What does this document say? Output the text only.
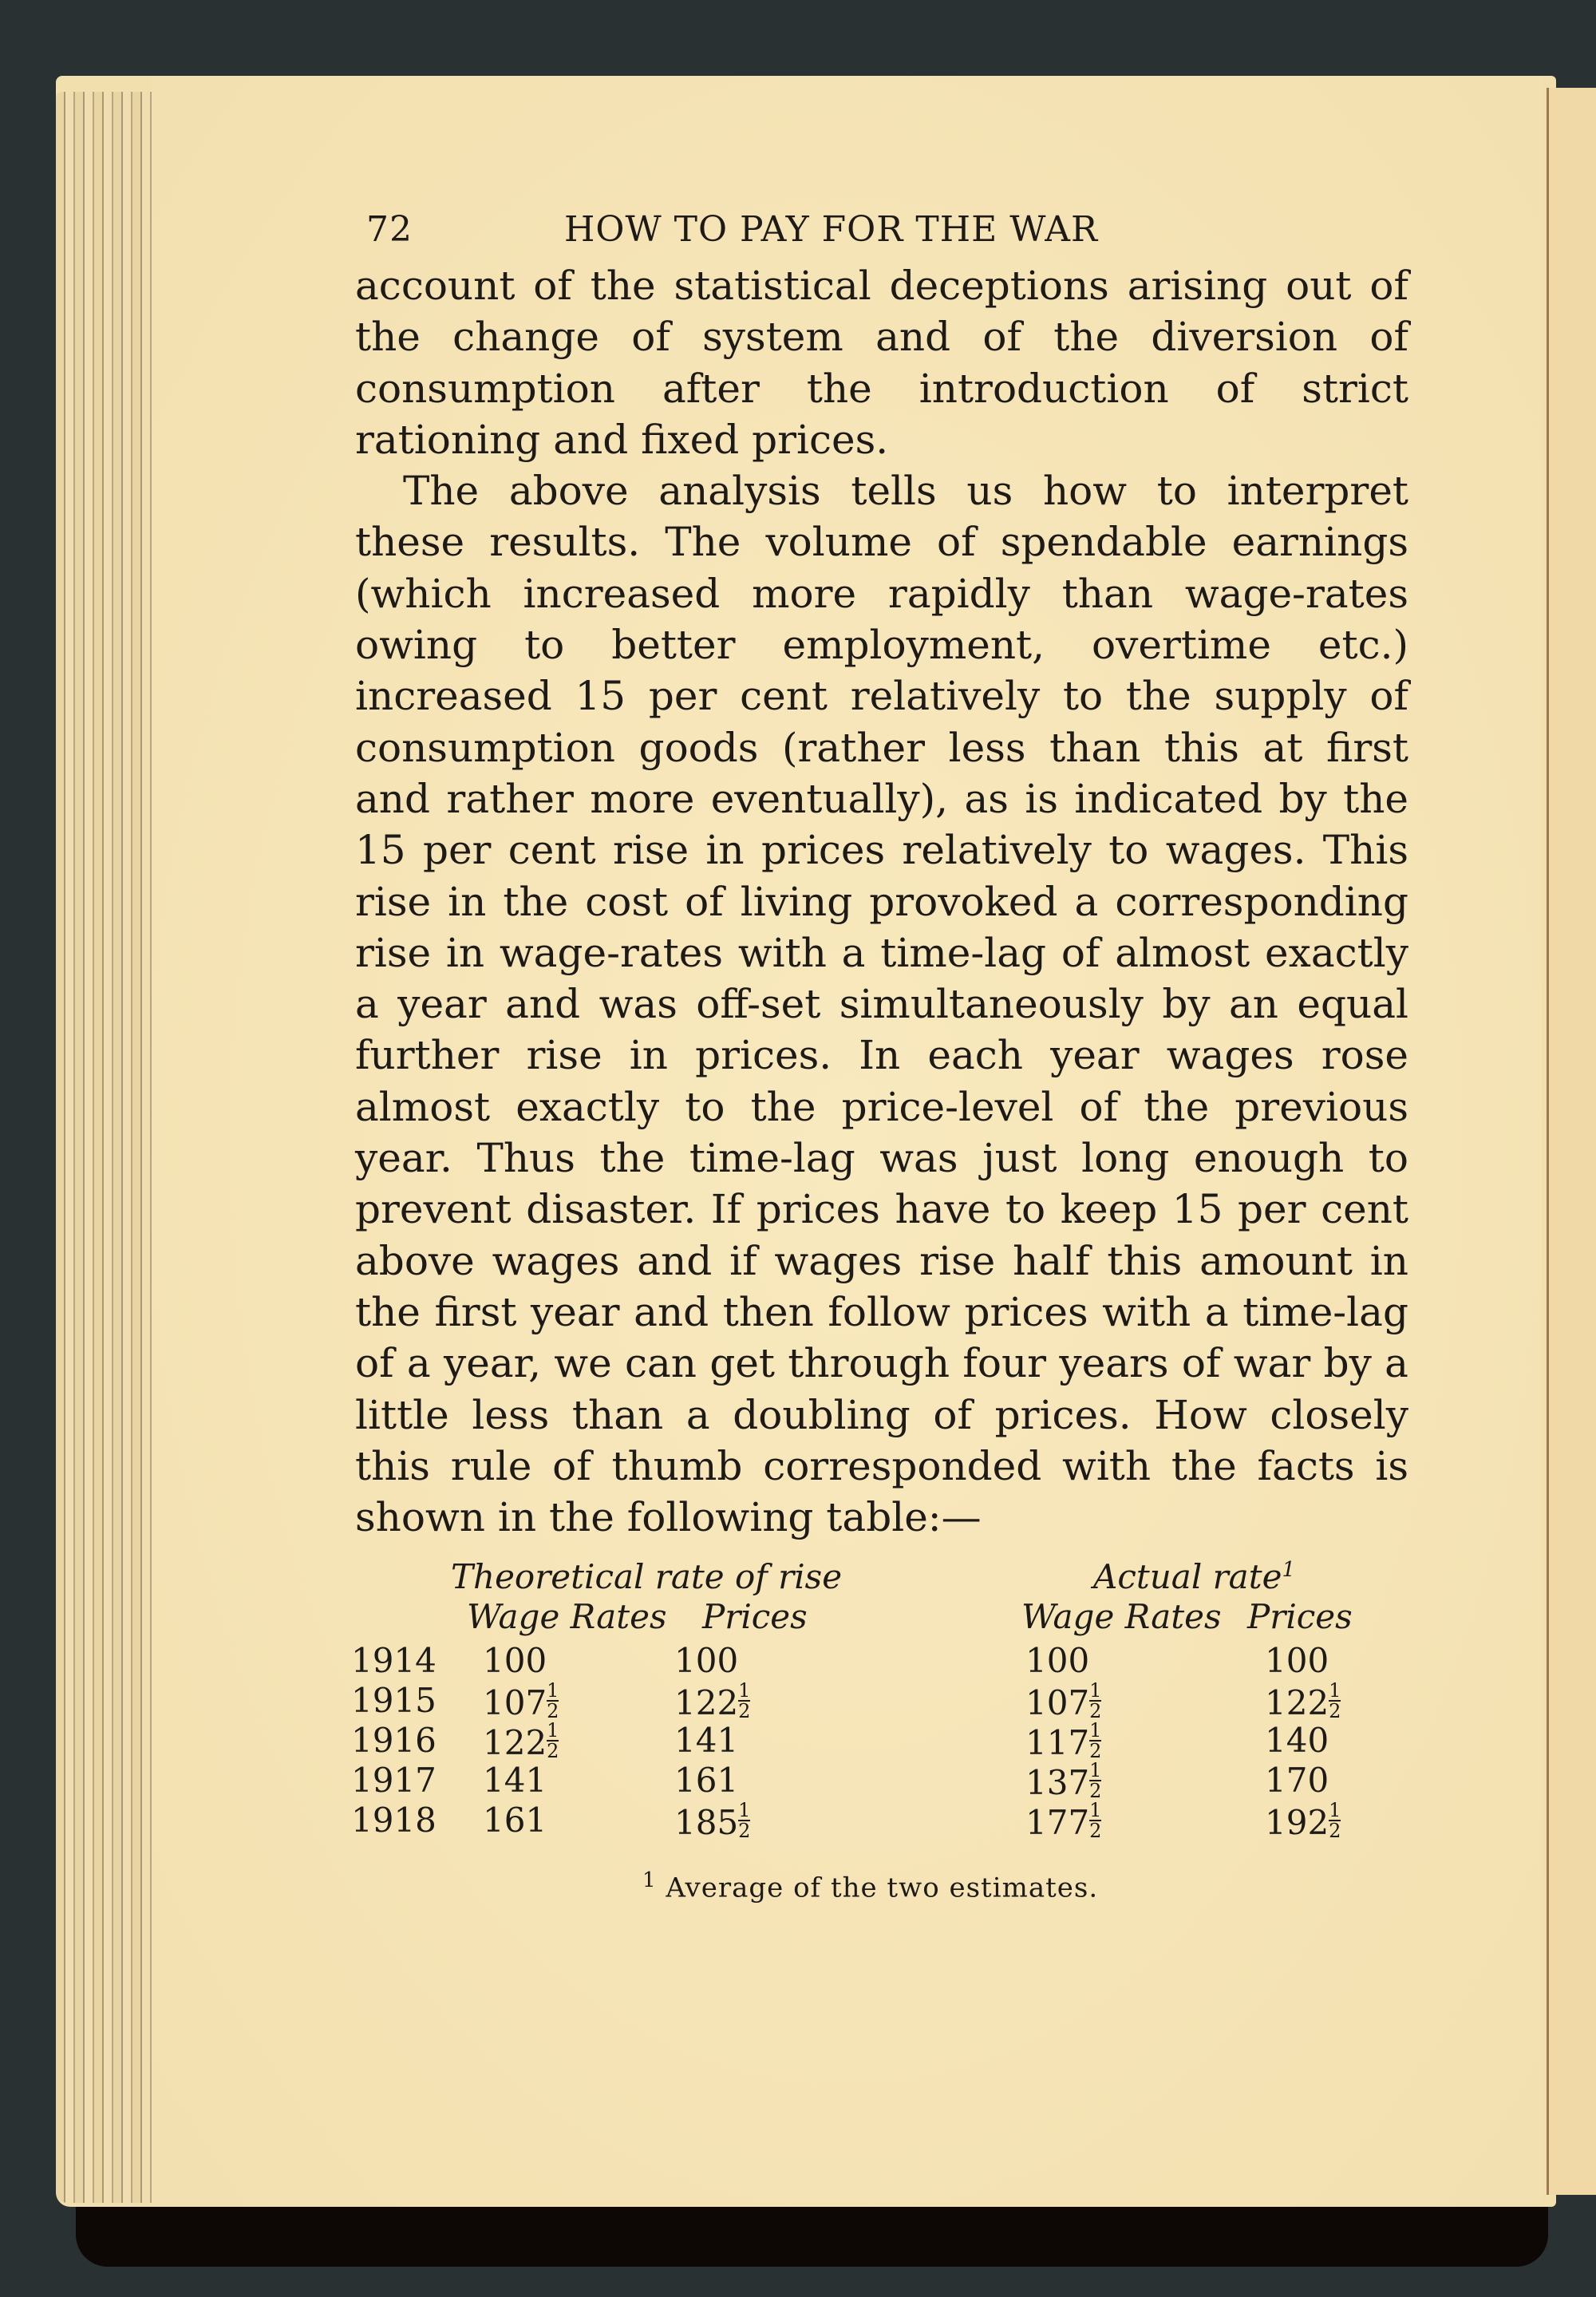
72	HOW TO PAY FOR THE WAR

account of the statistical deceptions arising out of the change of system and of the diversion of consumption after the introduction of strict rationing and fixed prices.

The above analysis tells us how to interpret these results. The volume of spendable earnings (which increased more rapidly than wage-rates owing to better employment, overtime etc.) increased 15 per cent relatively to the supply of consumption goods (rather less than this at first and rather more eventually), as is indicated by the 15 per cent rise in prices relatively to wages. This rise in the cost of living provoked a corresponding rise in wage-rates with a time-lag of almost exactly a year and was off-set simultaneously by an equal further rise in prices. In each year wages rose almost exactly to the price-level of the previous year. Thus the time-lag was just long enough to prevent disaster. If prices have to keep 15 per cent above wages and if wages rise half this amount in the first year and then follow prices with a time-lag of a year, we can get through four years of war by a little less than a doubling of prices. How closely this rule of thumb corresponded with the facts is shown in the following table:—

Theoretical rate of rise	Actual rate$^1$
Wage Rates Prices	Wage Rates Prices
1914 100	100	100	100
1915 $107 \frac{1}{2}$	$122 \frac{1}{2}$	$107 \frac{1}{2}$	$122 \frac{1}{2}$
1916 $122 \frac{1}{2}$	141	$117 \frac{1}{2}$	140
1917 141	161	$137 \frac{1}{2}$	170
1918 161	$185 \frac{1}{2}$	$177 \frac{1}{2}$	$192 \frac{1}{2}$
$^1$ Average of the two estimates.
